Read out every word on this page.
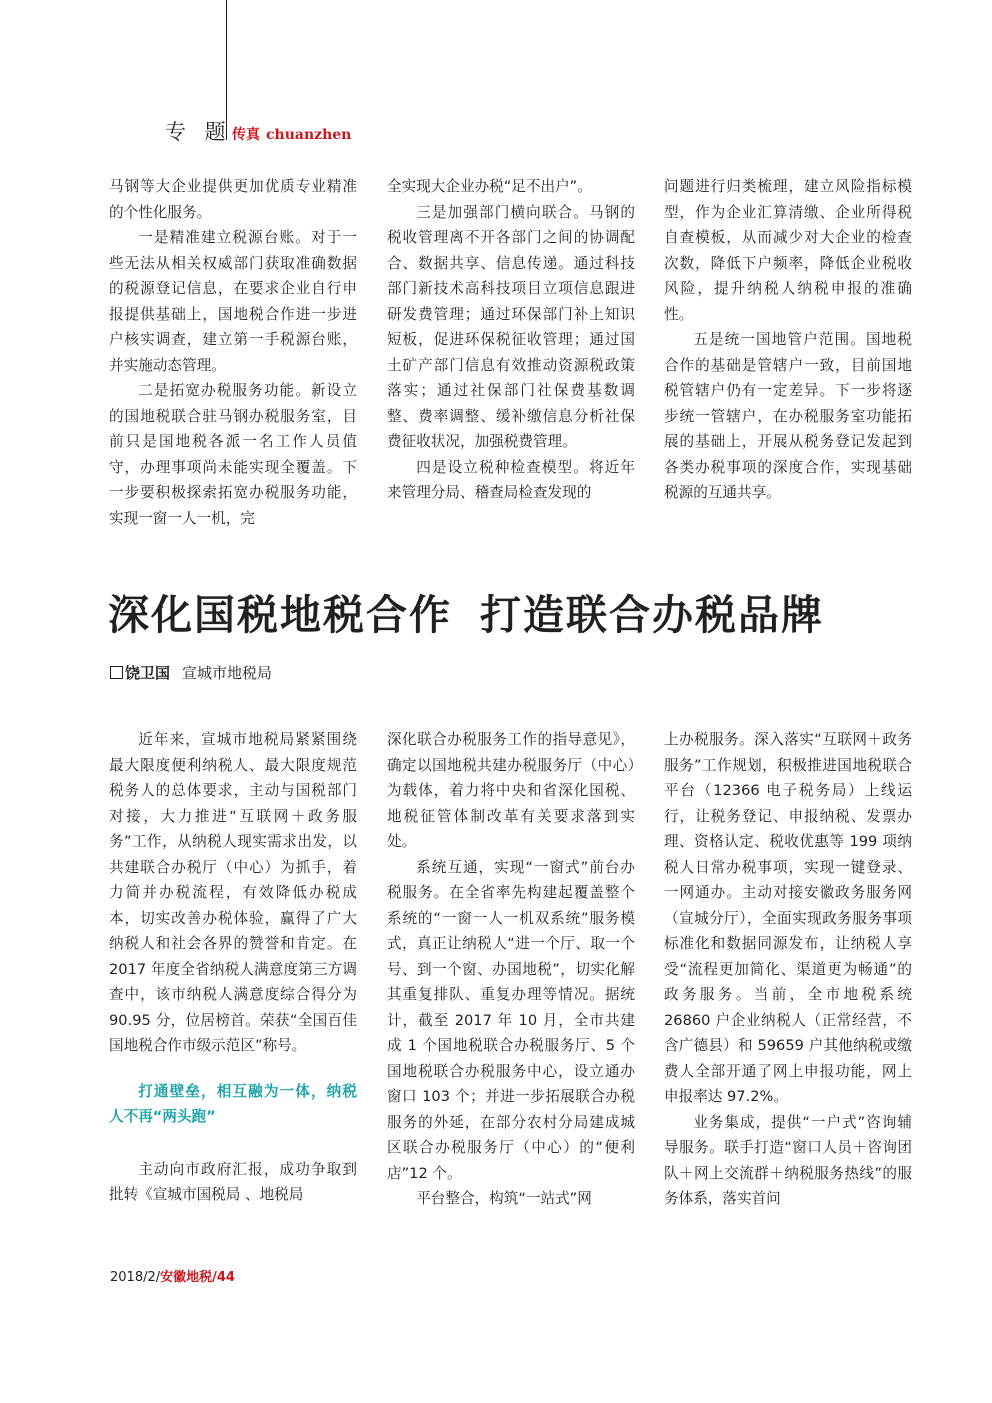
专 题 传真 chuanzhen

马钢等大企业提供更加优质专业精准的个性化服务。

一是精准建立税源台账。对于一些无法从相关权威部门获取准确数据的税源登记信息，在要求企业自行申报提供基础上，国地税合作进一步进户核实调查，建立第一手税源台账，并实施动态管理。

二是拓宽办税服务功能。新设立的国地税联合驻马钢办税服务室，目前只是国地税各派一名工作人员值守，办理事项尚未能实现全覆盖。下一步要积极探索拓宽办税服务功能，实现一窗一人一机，完

全实现大企业办税“足不出户”。

三是加强部门横向联合。马钢的税收管理离不开各部门之间的协调配合、数据共享、信息传递。通过科技部门新技术高科技项目立项信息跟进研发费管理；通过环保部门补上知识短板，促进环保税征收管理；通过国土矿产部门信息有效推动资源税政策落实；通过社保部门社保费基数调整、费率调整、缓补缴信息分析社保费征收状况，加强税费管理。

四是设立税种检查模型。将近年来管理分局、稽查局检查发现的

问题进行归类梳理，建立风险指标模型，作为企业汇算清缴、企业所得税自查模板，从而减少对大企业的检查次数，降低下户频率，降低企业税收风险，提升纳税人纳税申报的准确性。

五是统一国地管户范围。国地税合作的基础是管辖户一致，目前国地税管辖户仍有一定差异。下一步将逐步统一管辖户，在办税服务室功能拓展的基础上，开展从税务登记发起到各类办税事项的深度合作，实现基础税源的互通共享。

深化国税地税合作 打造联合办税品牌
饶卫国 宣城市地税局

近年来，宣城市地税局紧紧围绕最大限度便利纳税人、最大限度规范税务人的总体要求，主动与国税部门对接，大力推进“互联网＋政务服务”工作，从纳税人现实需求出发，以共建联合办税厅（中心）为抓手，着力简并办税流程，有效降低办税成本，切实改善办税体验，赢得了广大纳税人和社会各界的赞誉和肯定。在 2017 年度全省纳税人满意度第三方调查中，该市纳税人满意度综合得分为 90.95 分，位居榜首。荣获“全国百佳国地税合作市级示范区”称号。

打通壁垒，相互融为一体，纳税人不再“两头跑”

主动向市政府汇报，成功争取到批转《宣城市国税局 、地税局

深化联合办税服务工作的指导意见》，确定以国地税共建办税服务厅（中心）为载体，着力将中央和省深化国税、地税征管体制改革有关要求落到实处。

系统互通，实现“一窗式”前台办税服务。在全省率先构建起覆盖整个系统的“一窗一人一机双系统”服务模式，真正让纳税人“进一个厅、取一个号、到一个窗、办国地税”，切实化解其重复排队、重复办理等情况。据统计，截至 2017 年 10 月，全市共建成 1 个国地税联合办税服务厅、5 个国地税联合办税服务中心，设立通办窗口 103 个；并进一步拓展联合办税服务的外延，在部分农村分局建成城区联合办税服务厅（中心）的“便利店”12 个。

平台整合，构筑“一站式”网

上办税服务。深入落实“互联网＋政务服务”工作规划，积极推进国地税联合平台（12366 电子税务局）上线运行，让税务登记、申报纳税、发票办理、资格认定、税收优惠等 199 项纳税人日常办税事项，实现一键登录、一网通办。主动对接安徽政务服务网（宣城分厅），全面实现政务服务事项标准化和数据同源发布，让纳税人享受“流程更加简化、渠道更为畅通”的政务服务。当前，全市地税系统 26860 户企业纳税人（正常经营，不含广德县）和 59659 户其他纳税或缴费人全部开通了网上申报功能，网上申报率达 97.2%。

业务集成，提供“一户式”咨询辅导服务。联手打造“窗口人员＋咨询团队＋网上交流群＋纳税服务热线”的服务体系，落实首问

2018/2/安徽地税/44
